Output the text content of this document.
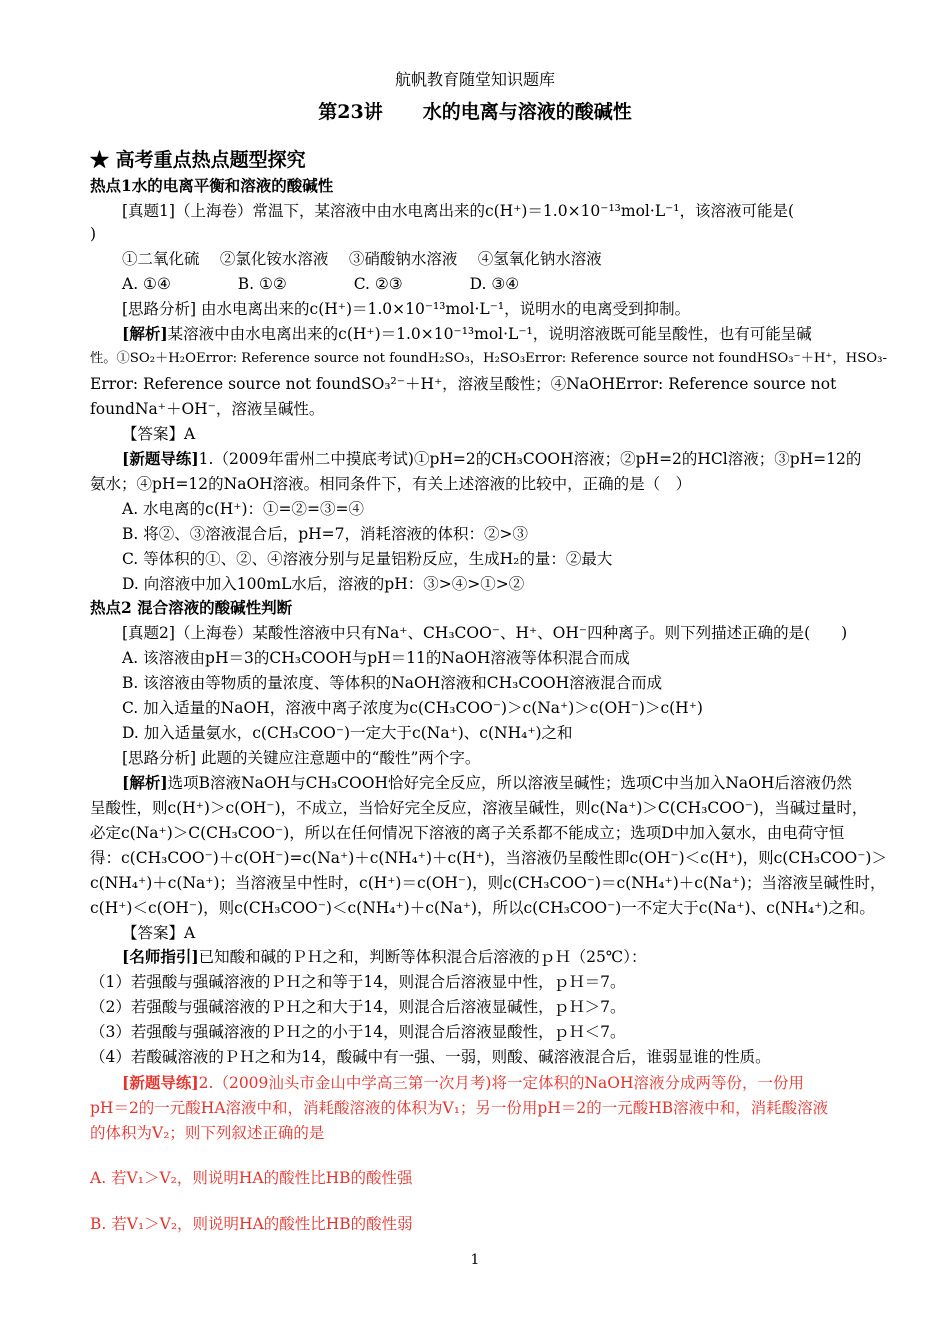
航帆教育随堂知识题库
第23讲 水的电离与溶液的酸碱性
★ 高考重点热点题型探究
热点1水的电离平衡和溶液的酸碱性
[真题1]（上海卷）常温下，某溶液中由水电离出来的c(H⁺)＝1.0×10⁻¹³mol·L⁻¹，该溶液可能是(
)
①二氧化硫　 ②氯化铵水溶液　 ③硝酸钠水溶液　 ④氢氧化钠水溶液
A. ①④　　　　 B. ①②　　　　 C. ②③　　　　 D. ③④
[思路分析] 由水电离出来的c(H⁺)＝1.0×10⁻¹³mol·L⁻¹，说明水的电离受到抑制。
[解析]某溶液中由水电离出来的c(H⁺)＝1.0×10⁻¹³mol·L⁻¹，说明溶液既可能呈酸性，也有可能呈碱
性。①SO₂＋H₂OError: Reference source not foundH₂SO₃，H₂SO₃Error: Reference source not foundHSO₃⁻＋H⁺，HSO₃-
Error: Reference source not foundSO₃²⁻＋H⁺，溶液呈酸性；④NaOHError: Reference source not
foundNa⁺＋OH⁻，溶液呈碱性。
【答案】A
[新题导练]1.（2009年雷州二中摸底考试)①pH=2的CH₃COOH溶液；②pH=2的HCl溶液；③pH=12的
氨水；④pH=12的NaOH溶液。相同条件下，有关上述溶液的比较中，正确的是（　）
A. 水电离的c(H⁺)：①=②=③=④
B. 将②、③溶液混合后，pH=7，消耗溶液的体积：②>③
C. 等体积的①、②、④溶液分别与足量铝粉反应，生成H₂的量：②最大
D. 向溶液中加入100mL水后，溶液的pH：③>④>①>②
热点2 混合溶液的酸碱性判断
[真题2]（上海卷）某酸性溶液中只有Na⁺、CH₃COO⁻、H⁺、OH⁻四种离子。则下列描述正确的是(　　)
A. 该溶液由pH＝3的CH₃COOH与pH＝11的NaOH溶液等体积混合而成
B. 该溶液由等物质的量浓度、等体积的NaOH溶液和CH₃COOH溶液混合而成
C. 加入适量的NaOH，溶液中离子浓度为c(CH₃COO⁻)＞c(Na⁺)＞c(OH⁻)＞c(H⁺)
D. 加入适量氨水，c(CH₃COO⁻)一定大于c(Na⁺)、c(NH₄⁺)之和
[思路分析] 此题的关键应注意题中的“酸性”两个字。
[解析]选项B溶液NaOH与CH₃COOH恰好完全反应，所以溶液呈碱性；选项C中当加入NaOH后溶液仍然
呈酸性，则c(H⁺)＞c(OH⁻)，不成立，当恰好完全反应，溶液呈碱性，则c(Na⁺)＞C(CH₃COO⁻)，当碱过量时，
必定c(Na⁺)＞C(CH₃COO⁻)，所以在任何情况下溶液的离子关系都不能成立；选项D中加入氨水，由电荷守恒
得：c(CH₃COO⁻)＋c(OH⁻)=c(Na⁺)＋c(NH₄⁺)＋c(H⁺)，当溶液仍呈酸性即c(OH⁻)＜c(H⁺)，则c(CH₃COO⁻)＞
c(NH₄⁺)＋c(Na⁺)；当溶液呈中性时，c(H⁺)＝c(OH⁻)，则c(CH₃COO⁻)＝c(NH₄⁺)＋c(Na⁺)；当溶液呈碱性时，
c(H⁺)＜c(OH⁻)，则c(CH₃COO⁻)＜c(NH₄⁺)＋c(Na⁺)，所以c(CH₃COO⁻)一不定大于c(Na⁺)、c(NH₄⁺)之和。
【答案】A
[名师指引]已知酸和碱的ＰＨ之和，判断等体积混合后溶液的ｐＨ（25℃）：
（1）若强酸与强碱溶液的ＰＨ之和等于14，则混合后溶液显中性，ｐＨ＝7。
（2）若强酸与强碱溶液的ＰＨ之和大于14，则混合后溶液显碱性，ｐＨ＞7。
（3）若强酸与强碱溶液的ＰＨ之的小于14，则混合后溶液显酸性，ｐＨ＜7。
（4）若酸碱溶液的ＰＨ之和为14，酸碱中有一强、一弱，则酸、碱溶液混合后，谁弱显谁的性质。
[新题导练]2.（2009汕头市金山中学高三第一次月考)将一定体积的NaOH溶液分成两等份，一份用
pH＝2的一元酸HA溶液中和，消耗酸溶液的体积为V₁；另一份用pH＝2的一元酸HB溶液中和，消耗酸溶液
的体积为V₂；则下列叙述正确的是
A. 若V₁＞V₂，则说明HA的酸性比HB的酸性强
B. 若V₁＞V₂，则说明HA的酸性比HB的酸性弱
1
